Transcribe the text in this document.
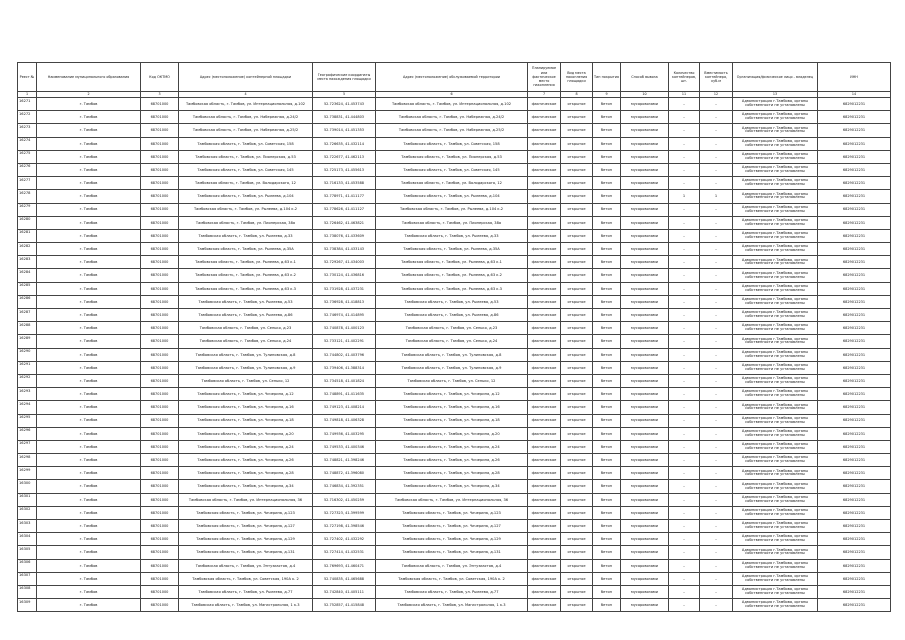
Реест №	Наименование муниципального образования	Код ОКТМО	Адрес (местоположение) контейнерной площадки	Географические координаты места нахождения площадки	Адрес (местоположение) обслуживаемой территории	Планируемое или фактическое место накопления	Вид места накопления площадки	Тип покрытия	Способ вывоза	Количество контейнеров, шт.	Вместимость контейнера, куб.м	Организация/физическое лицо - владелец	ИНН
1	2	3	4	5	6	7	8	9	10	11	12	13	14
16271	г. Тамбов	68701000	Тамбовская область, г. Тамбов, ул. Интернациональная, д.102	52.723624, 41.453743	Тамбовская область, г. Тамбов, ул. Интернациональная, д.102	фактическое	открытое	бетон	мусоровозами	–	–	Администрация г.Тамбова, органы собственности не установлены	6829012231
16272	г. Тамбов	68701000	Тамбовская область, г. Тамбов, ул. Набережная, д.24/2	52.738831, 41.444803	Тамбовская область, г. Тамбов, ул. Набережная, д.24/2	фактическое	открытое	бетон	мусоровозами	–	–	Администрация г.Тамбова, органы собственности не установлены	6829012231
16273	г. Тамбов	68701000	Тамбовская область, г. Тамбов, ул. Набережная, д.25/2	52.739014, 41.451353	Тамбовская область, г. Тамбов, ул. Набережная, д.25/2	фактическое	открытое	бетон	мусоровозами	–	–	Администрация г.Тамбова, органы собственности не установлены	6829012231
16274	г. Тамбов	68701000	Тамбовская область, г. Тамбов, ул. Советская, 158	52.726635, 41.432114	Тамбовская область, г. Тамбов, ул. Советская, 158	фактическое	открытое	бетон	мусоровозами	–	–	Администрация г.Тамбова, органы собственности не установлены	6829012231
16275	г. Тамбов	68701000	Тамбовская область, г. Тамбов, ул. Пионерская, д.53	52.722677, 41.462113	Тамбовская область, г. Тамбов, ул. Пионерская, д.53	фактическое	открытое	бетон	мусоровозами	–	–	Администрация г.Тамбова, органы собственности не установлены	6829012231
16276	г. Тамбов	68701000	Тамбовская область, г. Тамбов, ул. Советская, 145	52.725173, 41.455613	Тамбовская область, г. Тамбов, ул. Советская, 145	фактическое	открытое	бетон	мусоровозами	–	–	Администрация г.Тамбова, органы собственности не установлены	6829012231
16277	г. Тамбов	68701000	Тамбовская область, г. Тамбов, ул. Володарского, 12	52.716133, 41.453588	Тамбовская область, г. Тамбов, ул. Володарского, 12	фактическое	открытое	бетон	мусоровозами	–	–	Администрация г.Тамбова, органы собственности не установлены	6829012231
16278	г. Тамбов	68701000	Тамбовская область, г. Тамбов, ул. Рылеева, д.104	52.778971, 41.411177	Тамбовская область, г. Тамбов, ул. Рылеева, д.104	фактическое	открытое	бетон	мусоровозами	1	1	Администрация г.Тамбова, органы собственности не установлены	6829012231
16279	г. Тамбов	68701000	Тамбовская область, г. Тамбов, ул. Рылеева, д.104 к.2	52.778626, 41.411127	Тамбовская область, г. Тамбов, ул. Рылеева, д.104 к.2	фактическое	открытое	бетон	мусоровозами	–	–	Администрация г.Тамбова, органы собственности не установлены	6829012231
16280	г. Тамбов	68701000	Тамбовская область, г. Тамбов, ул. Пионерская, 38а	52.726462, 41.463821	Тамбовская область, г. Тамбов, ул. Пионерская, 38а	фактическое	открытое	бетон	мусоровозами	–	–	Администрация г.Тамбова, органы собственности не установлены	6829012231
16281	г. Тамбов	68701000	Тамбовская область, г. Тамбов, ул. Рылеева, д.33	52.738076, 41.433609	Тамбовская область, г. Тамбов, ул. Рылеева, д.33	фактическое	открытое	бетон	мусоровозами	–	–	Администрация г.Тамбова, органы собственности не установлены	6829012231
16282	г. Тамбов	68701000	Тамбовская область, г. Тамбов, ул. Рылеева, д.35А	52.738384, 41.433143	Тамбовская область, г. Тамбов, ул. Рылеева, д.35А	фактическое	открытое	бетон	мусоровозами	–	–	Администрация г.Тамбова, органы собственности не установлены	6829012231
16283	г. Тамбов	68701000	Тамбовская область, г. Тамбов, ул. Рылеева, д.63 к.1	52.729267, 41.434003	Тамбовская область, г. Тамбов, ул. Рылеева, д.63 к.1	фактическое	открытое	бетон	мусоровозами	–	–	Администрация г.Тамбова, органы собственности не установлены	6829012231
16284	г. Тамбов	68701000	Тамбовская область, г. Тамбов, ул. Рылеева, д.63 к.2	52.730124, 41.436816	Тамбовская область, г. Тамбов, ул. Рылеева, д.63 к.2	фактическое	открытое	бетон	мусоровозами	–	–	Администрация г.Тамбова, органы собственности не установлены	6829012231
16285	г. Тамбов	68701000	Тамбовская область, г. Тамбов, ул. Рылеева, д.63 к.3	52.731928, 41.437231	Тамбовская область, г. Тамбов, ул. Рылеева, д.63 к.3	фактическое	открытое	бетон	мусоровозами	–	–	Администрация г.Тамбова, органы собственности не установлены	6829012231
16286	г. Тамбов	68701000	Тамбовская область, г. Тамбов, ул. Рылеева, д.53	52.736928, 41.418813	Тамбовская область, г. Тамбов, ул. Рылеева, д.53	фактическое	открытое	бетон	мусоровозами	–	–	Администрация г.Тамбова, органы собственности не установлены	6829012231
16287	г. Тамбов	68701000	Тамбовская область, г. Тамбов, ул. Рылеева, д.86	52.746974, 41.414895	Тамбовская область, г. Тамбов, ул. Рылеева, д.86	фактическое	открытое	бетон	мусоровозами	–	–	Администрация г.Тамбова, органы собственности не установлены	6829012231
16288	г. Тамбов	68701000	Тамбовская область, г. Тамбов, ул. Сенько, д.23	52.740878, 41.400123	Тамбовская область, г. Тамбов, ул. Сенько, д.23	фактическое	открытое	бетон	мусоровозами	–	–	Администрация г.Тамбова, органы собственности не установлены	6829012231
16289	г. Тамбов	68701000	Тамбовская область, г. Тамбов, ул. Сенько, д.24	52.733121, 41.402291	Тамбовская область, г. Тамбов, ул. Сенько, д.24	фактическое	открытое	бетон	мусоровозами	–	–	Администрация г.Тамбова, органы собственности не установлены	6829012231
16290	г. Тамбов	68701000	Тамбовская область, г. Тамбов, ул. Тулиновская, д.8	52.744802, 41.403796	Тамбовская область, г. Тамбов, ул. Тулиновская, д.8	фактическое	открытое	бетон	мусоровозами	–	–	Администрация г.Тамбова, органы собственности не установлены	6829012231
16291	г. Тамбов	68701000	Тамбовская область, г. Тамбов, ул. Тулиновская, д.9	52.739406, 41.388314	Тамбовская область, г. Тамбов, ул. Тулиновская, д.9	фактическое	открытое	бетон	мусоровозами	–	–	Администрация г.Тамбова, органы собственности не установлены	6829012231
16292	г. Тамбов	68701000	Тамбовская область, г. Тамбов, ул. Сенько, 12	52.734518, 41.401824	Тамбовская область, г. Тамбов, ул. Сенько, 12	фактическое	открытое	бетон	мусоровозами	–	–	Администрация г.Тамбова, органы собственности не установлены	6829012231
16293	г. Тамбов	68701000	Тамбовская область, г. Тамбов, ул. Чичерина, д.12	52.748891, 41.411635	Тамбовская область, г. Тамбов, ул. Чичерина, д.12	фактическое	открытое	бетон	мусоровозами	–	–	Администрация г.Тамбова, органы собственности не установлены	6829012231
16294	г. Тамбов	68701000	Тамбовская область, г. Тамбов, ул. Чичерина, д.16	52.749123, 41.408214	Тамбовская область, г. Тамбов, ул. Чичерина, д.16	фактическое	открытое	бетон	мусоровозами	–	–	Администрация г.Тамбова, органы собственности не установлены	6829012231
16295	г. Тамбов	68701000	Тамбовская область, г. Тамбов, ул. Чичерина, д.18	52.749818, 41.406328	Тамбовская область, г. Тамбов, ул. Чичерина, д.18	фактическое	открытое	бетон	мусоровозами	–	–	Администрация г.Тамбова, органы собственности не установлены	6829012231
16296	г. Тамбов	68701000	Тамбовская область, г. Тамбов, ул. Чичерина, д.20	52.749936, 41.403295	Тамбовская область, г. Тамбов, ул. Чичерина, д.20	фактическое	открытое	бетон	мусоровозами	–	–	Администрация г.Тамбова, органы собственности не установлены	6829012231
16297	г. Тамбов	68701000	Тамбовская область, г. Тамбов, ул. Чичерина, д.24	52.749533, 41.400346	Тамбовская область, г. Тамбов, ул. Чичерина, д.24	фактическое	открытое	бетон	мусоровозами	–	–	Администрация г.Тамбова, органы собственности не установлены	6829012231
16298	г. Тамбов	68701000	Тамбовская область, г. Тамбов, ул. Чичерина, д.26	52.748821, 41.398246	Тамбовская область, г. Тамбов, ул. Чичерина, д.26	фактическое	открытое	бетон	мусоровозами	–	–	Администрация г.Тамбова, органы собственности не установлены	6829012231
16299	г. Тамбов	68701000	Тамбовская область, г. Тамбов, ул. Чичерина, д.28	52.748872, 41.396080	Тамбовская область, г. Тамбов, ул. Чичерина, д.28	фактическое	открытое	бетон	мусоровозами	–	–	Администрация г.Тамбова, органы собственности не установлены	6829012231
16300	г. Тамбов	68701000	Тамбовская область, г. Тамбов, ул. Чичерина, д.34	52.746834, 41.392351	Тамбовская область, г. Тамбов, ул. Чичерина, д.34	фактическое	открытое	бетон	мусоровозами	–	–	Администрация г.Тамбова, органы собственности не установлены	6829012231
16301	г. Тамбов	68701000	Тамбовская область, г. Тамбов, ул. Интернациональная, 36	52.716302, 41.450259	Тамбовская область, г. Тамбов, ул. Интернациональная, 36	фактическое	открытое	бетон	мусоровозами	–	–	Администрация г.Тамбова, органы собственности не установлены	6829012231
16302	г. Тамбов	68701000	Тамбовская область, г. Тамбов, ул. Чичерина, д.123	52.727323, 41.399599	Тамбовская область, г. Тамбов, ул. Чичерина, д.123	фактическое	открытое	бетон	мусоровозами	–	–	Администрация г.Тамбова, органы собственности не установлены	6829012231
16303	г. Тамбов	68701000	Тамбовская область, г. Тамбов, ул. Чичерина, д.127	52.727198, 41.398546	Тамбовская область, г. Тамбов, ул. Чичерина, д.127	фактическое	открытое	бетон	мусоровозами	–	–	Администрация г.Тамбова, органы собственности не установлены	6829012231
16304	г. Тамбов	68701000	Тамбовская область, г. Тамбов, ул. Чичерина, д.129	52.727402, 41.432292	Тамбовская область, г. Тамбов, ул. Чичерина, д.129	фактическое	открытое	бетон	мусоровозами	–	–	Администрация г.Тамбова, органы собственности не установлены	6829012231
16305	г. Тамбов	68701000	Тамбовская область, г. Тамбов, ул. Чичерина, д.131	52.727414, 41.432531	Тамбовская область, г. Тамбов, ул. Чичерина, д.131	фактическое	открытое	бетон	мусоровозами	–	–	Администрация г.Тамбова, органы собственности не установлены	6829012231
16306	г. Тамбов	68701000	Тамбовская область, г. Тамбов, ул. Энтузиастов, д.4	52.769693, 41.460471	Тамбовская область, г. Тамбов, ул. Энтузиастов, д.4	фактическое	открытое	бетон	мусоровозами	–	–	Администрация г.Тамбова, органы собственности не установлены	6829012231
16307	г. Тамбов	68701000	Тамбовская область, г. Тамбов, ул. Советская, 190А к. 2	52.740835, 41.465688	Тамбовская область, г. Тамбов, ул. Советская, 190А к. 2	фактическое	открытое	бетон	мусоровозами	–	–	Администрация г.Тамбова, органы собственности не установлены	6829012231
16308	г. Тамбов	68701000	Тамбовская область, г. Тамбов, ул. Рылеева, д.77	52.742840, 41.405111	Тамбовская область, г. Тамбов, ул. Рылеева, д.77	фактическое	открытое	бетон	мусоровозами	–	–	Администрация г.Тамбова, органы собственности не установлены	6829012231
16309	г. Тамбов	68701000	Тамбовская область, г. Тамбов, ул. Магистральная, 1 к.3	52.752857, 41.415848	Тамбовская область, г. Тамбов, ул. Магистральная, 1 к.3	фактическое	открытое	бетон	мусоровозами	–	–	Администрация г.Тамбова, органы собственности не установлены	6829012231
